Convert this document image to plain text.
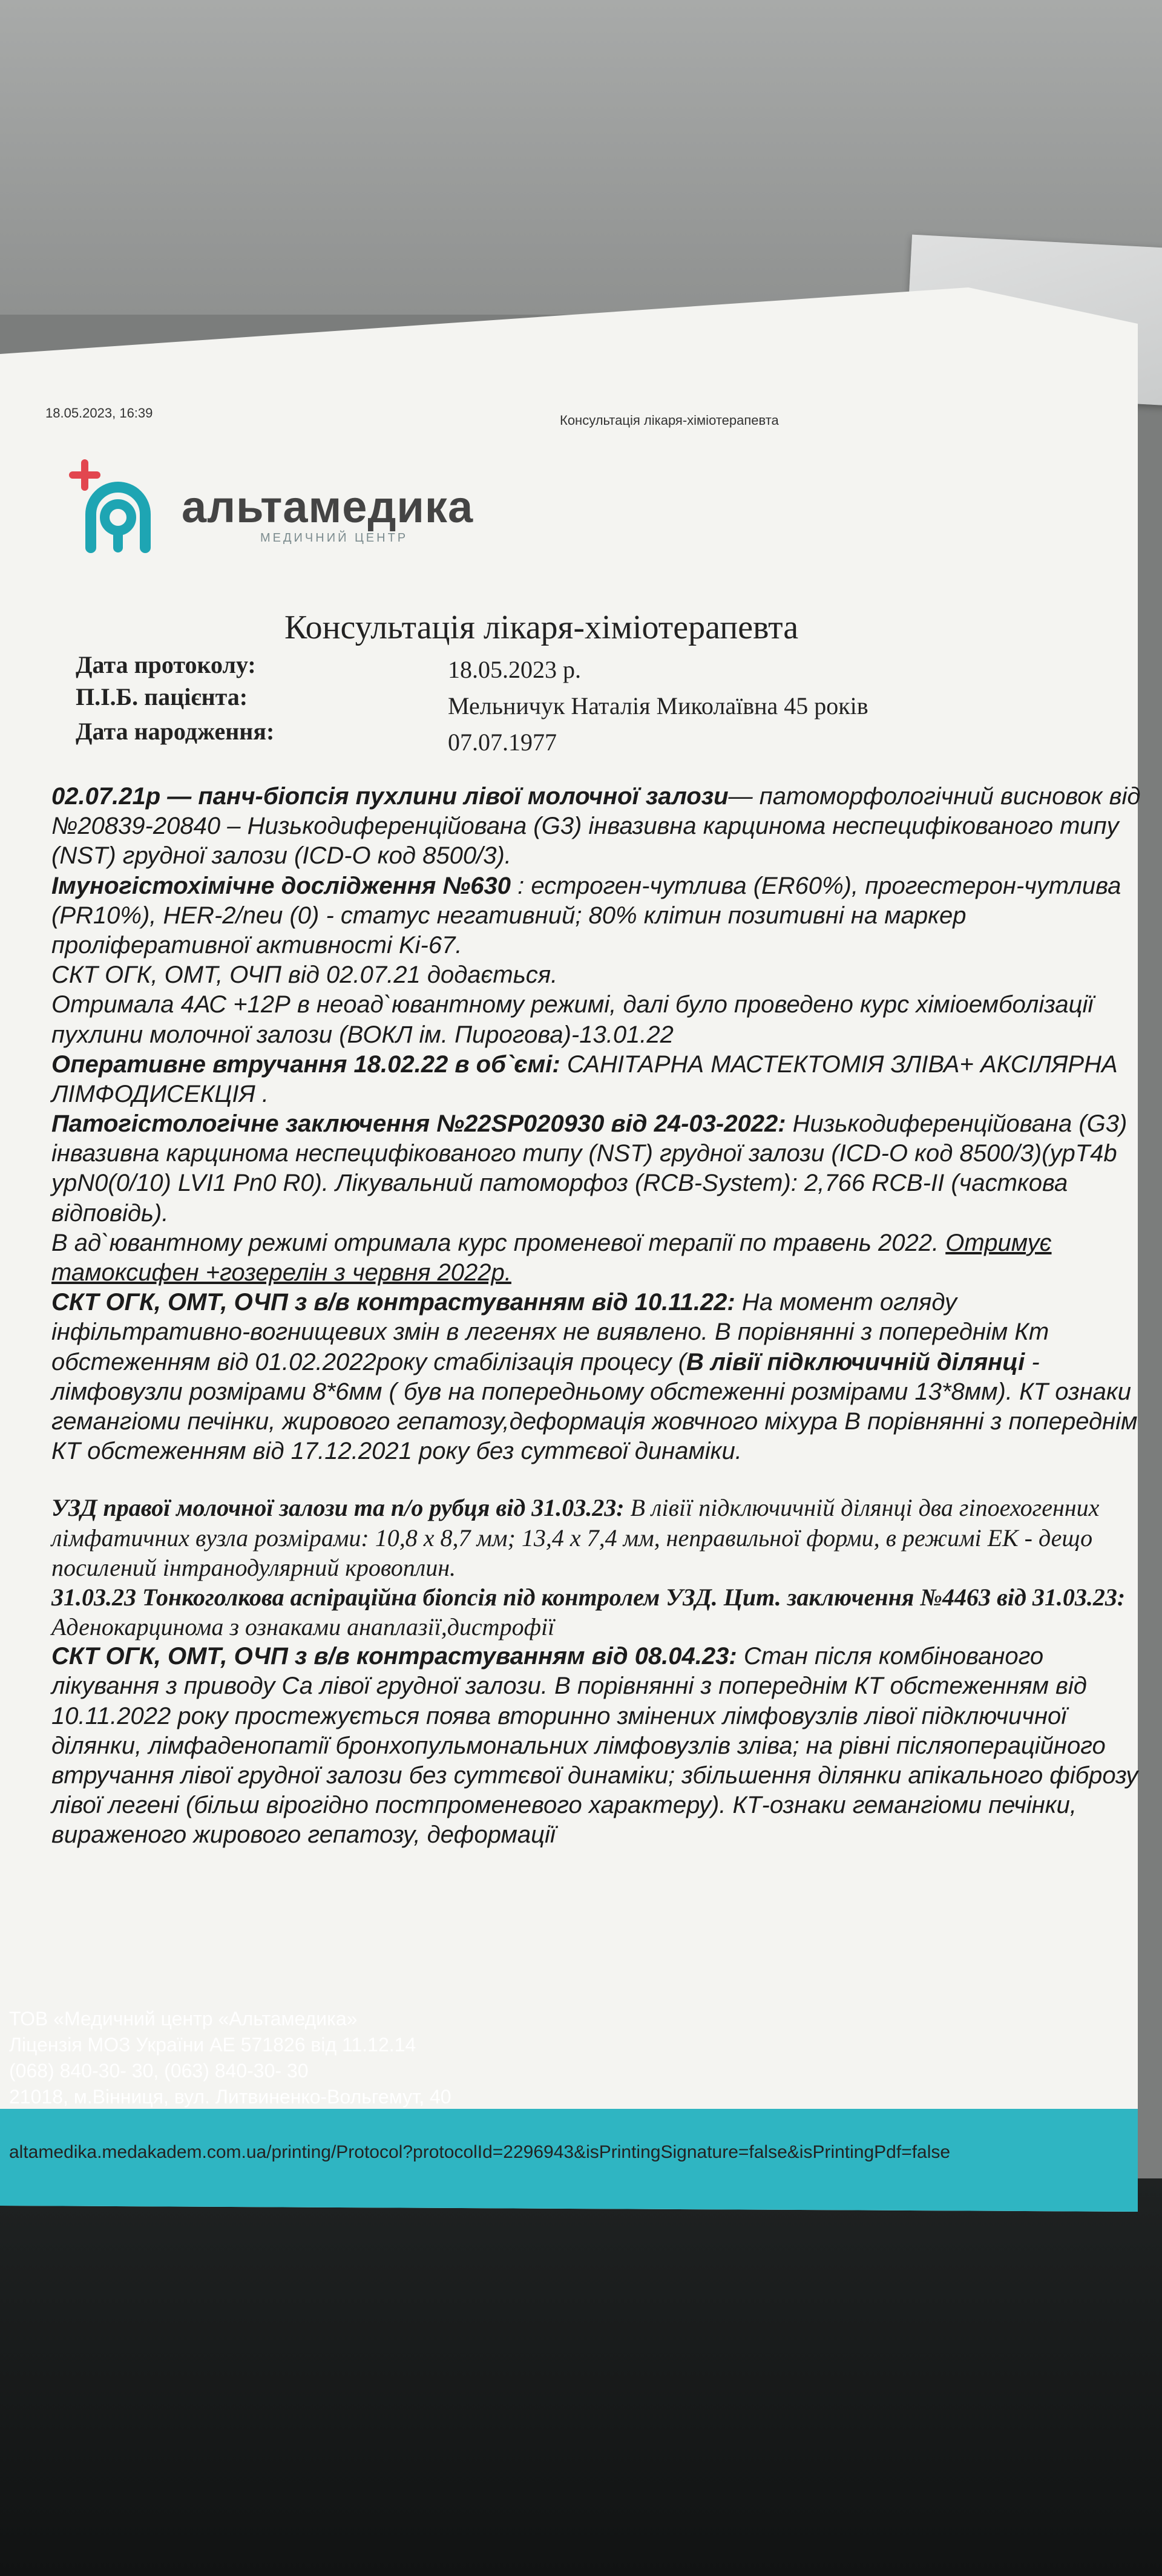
18.05.2023, 16:39	Консультація лікаря-хіміотерапевта
альтамедика
МЕДИЧНИЙ ЦЕНТР
Консультація лікаря-хіміотерапевта
Дата протоколу:	18.05.2023 р.
П.І.Б. пацієнта:	Мельничук Наталія Миколаївна 45 років
Дата народження:	07.07.1977

02.07.21р — панч-біопсія пухлини лівої молочної залози— патоморфологічний висновок від №20839-20840 – Низькодиференційована (G3) інвазивна карцинома неспецифікованого типу (NST) грудної залози (ICD-O код 8500/3).

Імуногістохімічне дослідження №630 : естроген-чутлива (ER60%), прогестерон-чутлива (PR10%), HER-2/neu (0) - статус негативний; 80% клітин позитивні на маркер проліферативної активності Ki-67.

СКТ ОГК, ОМТ, ОЧП від 02.07.21 додається.

Отримала 4АС +12Р в неоад`ювантному режимі, далі було проведено курс хіміоемболізації пухлини молочної залози (ВОКЛ ім. Пирогова)-13.01.22

Оперативне втручання 18.02.22 в об`ємі: САНІТАРНА МАСТЕКТОМІЯ ЗЛІВА+ АКСІЛЯРНА ЛІМФОДИСЕКЦІЯ .

Патогістологічне заключення №22SP020930 від 24-03-2022: Низькодиференційована (G3) інвазивна карцинома неспецифікованого типу (NST) грудної залози (ICD-O код 8500/3)(ypT4b ypN0(0/10) LVI1 Pn0 R0). Лікувальний патоморфоз (RCB-System): 2,766 RCB-II (часткова відповідь).

В ад`ювантному режимі отримала курс променевої терапії по травень 2022. Отримує тамоксифен +гозерелін з червня 2022р.

СКТ ОГК, ОМТ, ОЧП з в/в контрастуванням від 10.11.22: На момент огляду інфільтративно-вогнищевих змін в легенях не виявлено. В порівнянні з попереднім Кт обстеженням від 01.02.2022року стабілізація процесу (В лівії підключичній ділянці - лімфовузли розмірами 8*6мм ( був на попередньому обстеженні розмірами 13*8мм). КТ ознаки гемангіоми печінки, жирового гепатозу,деформація жовчного міхура В порівнянні з попереднім КТ обстеженням від 17.12.2021 року без суттєвої динаміки.

УЗД правої молочної залози та п/о рубця від 31.03.23: В лівії підключичній ділянці два гіпоехогенних лімфатичних вузла розмірами: 10,8 х 8,7 мм; 13,4 х 7,4 мм, неправильної форми, в режимі ЕК - дещо посилений інтранодулярний кровоплин.

31.03.23 Тонкоголкова аспіраційна біопсія під контролем УЗД. Цит. заключення №4463 від 31.03.23: Аденокарцинома з ознаками анаплазії,дистрофії

СКТ ОГК, ОМТ, ОЧП з в/в контрастуванням від 08.04.23: Стан після комбінованого лікування з приводу Са лівої грудної залози. В порівнянні з попереднім КТ обстеженням від 10.11.2022 року простежується поява вторинно змінених лімфовузлів лівої підключичної ділянки, лімфаденопатії бронхопульмональних лімфовузлів зліва; на рівні післяопераційного втручання лівої грудної залози без суттєвої динаміки; збільшення ділянки апікального фіброзу лівої легені (більш вірогідно постпроменевого характеру). КТ-ознаки гемангіоми печінки, вираженого жирового гепатозу, деформації

ТОВ «Медичний центр «Альтамедика»
Ліцензія МОЗ України АЕ 571826 від 11.12.14
(068) 840-30- 30, (063) 840-30- 30
21018, м.Вінниця, вул. Литвиненко-Вольгемут, 40
altamedika.medakadem.com.ua/printing/Protocol?protocolId=2296943&isPrintingSignature=false&isPrintingPdf=false
